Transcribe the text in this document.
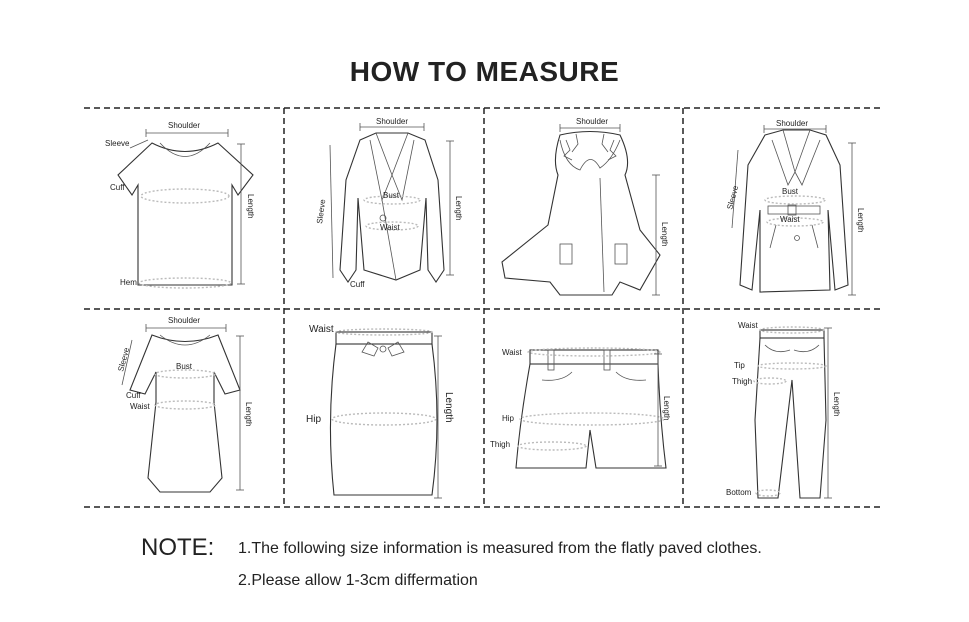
HOW TO MEASURE
Shoulder
Sleeve
Cuff
Hem
Length
Shoulder
Bust
Waist
Cuff
Sleeve	Length
Shoulder
Length
Shoulder
Bust
Waist
Sleeve
Length
Shoulder
Bust
Cuff
Waist
Sleeve
Length
Waist
Hip	Length
Waist
Hip
Thigh
Length
Waist
Tip
Thigh
Bottom
Length
NOTE: 1.The following size information is measured from the flatly paved clothes.
2.Please allow 1-3cm differmation
